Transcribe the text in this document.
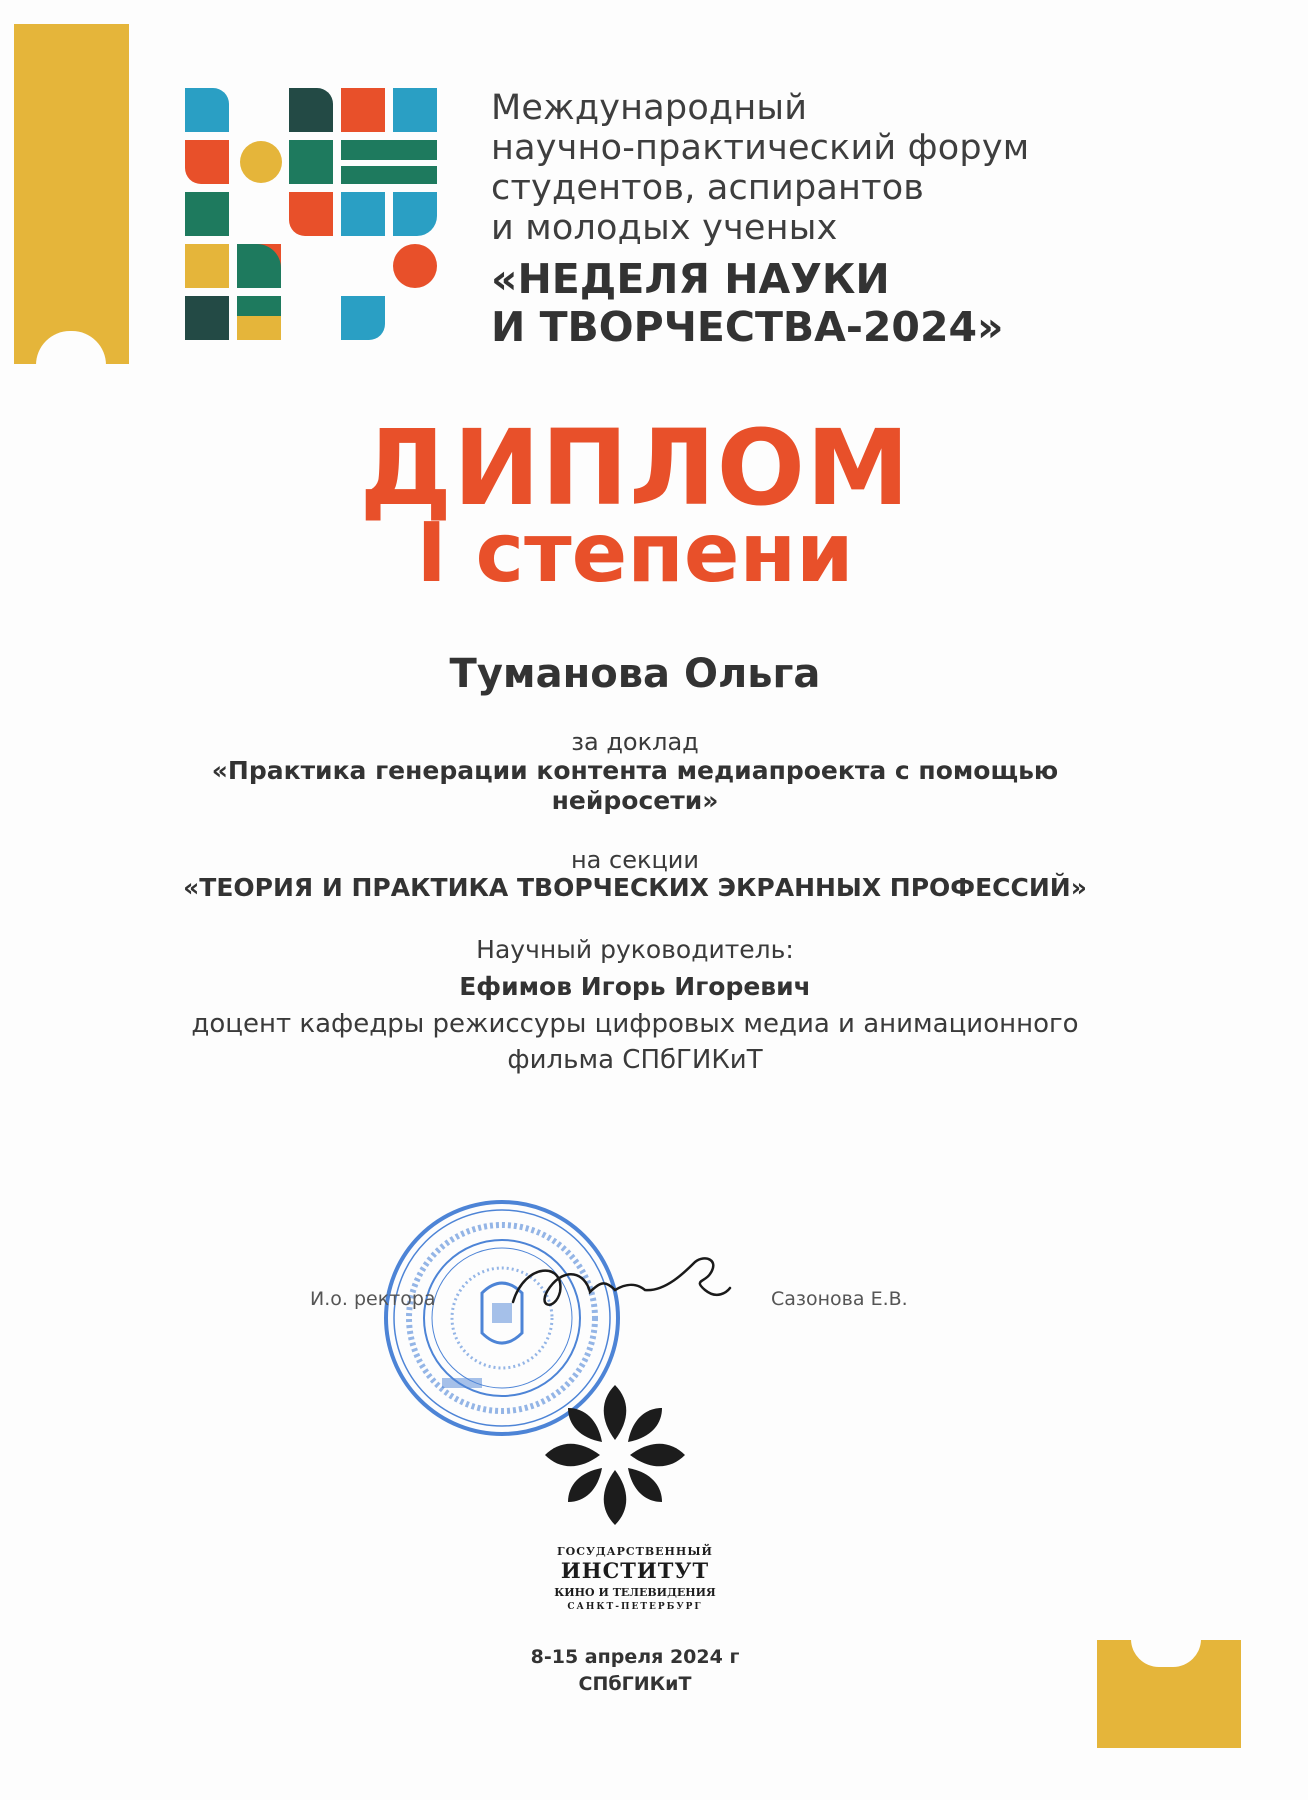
Международный
научно-практический форум
студентов, аспирантов
и молодых ученых
«НЕДЕЛЯ НАУКИ
И ТВОРЧЕСТВА-2024»
ДИПЛОМ
I степени
Туманова Ольга
за доклад
«Практика генерации контента медиапроекта с помощью
нейросети»
на секции
«ТЕОРИЯ И ПРАКТИКА ТВОРЧЕСКИХ ЭКРАННЫХ ПРОФЕССИЙ»
Научный руководитель:
Ефимов Игорь Игоревич
доцент кафедры режиссуры цифровых медиа и анимационного
фильма СПбГИКиТ
И.о. ректора	Сазонова Е.В.
ГОСУДАРСТВЕННЫЙ
ИНСТИТУТ
КИНО И ТЕЛЕВИДЕНИЯ
САНКТ-ПЕТЕРБУРГ
8-15 апреля 2024 г
СПбГИКиТ
